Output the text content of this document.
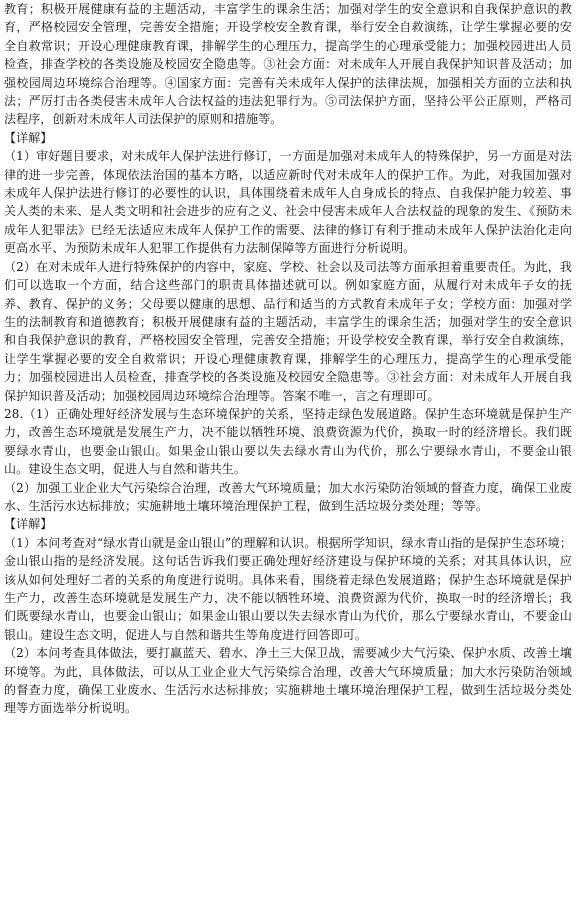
教育；积极开展健康有益的主题活动，丰富学生的课余生活；加强对学生的安全意识和自我保护意识的教育，严格校园安全管理，完善安全措施；开设学校安全教育课，举行安全自救演练，让学生掌握必要的安全自救常识；开设心理健康教育课，排解学生的心理压力，提高学生的心理承受能力；加强校园进出人员检查，排查学校的各类设施及校园安全隐患等。③社会方面：对未成年人开展自我保护知识普及活动；加强校园周边环境综合治理等。④国家方面：完善有关未成年人保护的法律法规，加强相关方面的立法和执法；严厉打击各类侵害未成年人合法权益的违法犯罪行为。⑤司法保护方面，坚持公平公正原则，严格司法程序，创新对未成年人司法保护的原则和措施等。

【详解】

（1）审好题目要求，对未成年人保护法进行修订，一方面是加强对未成年人的特殊保护，另一方面是对法律的进一步完善，体现依法治国的基本方略，以适应新时代对未成年人的保护工作。为此，对我国加强对未成年人保护法进行修订的必要性的认识，具体围绕着未成年人自身成长的特点、自我保护能力较差、事关人类的未来、是人类文明和社会进步的应有之义、社会中侵害未成年人合法权益的现象的发生、《预防未成年人犯罪法》已经无法适应未成年人保护工作的需要、法律的修订有利于推动未成年人保护法治化走向更高水平、为预防未成年人犯罪工作提供有力法制保障等方面进行分析说明。

（2）在对未成年人进行特殊保护的内容中，家庭、学校、社会以及司法等方面承担着重要责任。为此，我们可以选取一个方面，结合这些部门的职责具体描述就可以。例如家庭方面，从履行对未成年子女的抚养、教育、保护的义务；父母要以健康的思想、品行和适当的方式教育未成年子女；学校方面：加强对学生的法制教育和道德教育；积极开展健康有益的主题活动，丰富学生的课余生活；加强对学生的安全意识和自我保护意识的教育，严格校园安全管理，完善安全措施；开设学校安全教育课，举行安全自救演练，让学生掌握必要的安全自救常识；开设心理健康教育课，排解学生的心理压力，提高学生的心理承受能力；加强校园进出人员检查，排查学校的各类设施及校园安全隐患等。③社会方面：对未成年人开展自我保护知识普及活动；加强校园周边环境综合治理等。答案不唯一，言之有理即可。

28.（1）正确处理好经济发展与生态环境保护的关系，坚持走绿色发展道路。保护生态环境就是保护生产力，改善生态环境就是发展生产力，决不能以牺牲环境、浪费资源为代价，换取一时的经济增长。我们既要绿水青山，也要金山银山。如果金山银山要以失去绿水青山为代价，那么宁要绿水青山，不要金山银山。建设生态文明，促进人与自然和谐共生。

（2）加强工业企业大气污染综合治理，改善大气环境质量；加大水污染防治领域的督查力度，确保工业废水、生活污水达标排放；实施耕地土壤环境治理保护工程，做到生活垃圾分类处理；等等。

【详解】

（1）本问考查对“绿水青山就是金山银山”的理解和认识。根据所学知识，绿水青山指的是保护生态环境；金山银山指的是经济发展。这句话告诉我们要正确处理好经济建设与保护环境的关系；对其具体认识，应该从如何处理好二者的关系的角度进行说明。具体来看，围绕着走绿色发展道路；保护生态环境就是保护生产力，改善生态环境就是发展生产力，决不能以牺牲环境、浪费资源为代价，换取一时的经济增长；我们既要绿水青山，也要金山银山；如果金山银山要以失去绿水青山为代价，那么宁要绿水青山，不要金山银山。建设生态文明，促进人与自然和谐共生等角度进行回答即可。

（2）本问考查具体做法，要打赢蓝天、碧水、净土三大保卫战，需要减少大气污染、保护水质、改善土壤环境等。为此，具体做法，可以从工业企业大气污染综合治理，改善大气环境质量；加大水污染防治领域的督查力度，确保工业废水、生活污水达标排放；实施耕地土壤环境治理保护工程，做到生活垃圾分类处理等方面选举分析说明。
